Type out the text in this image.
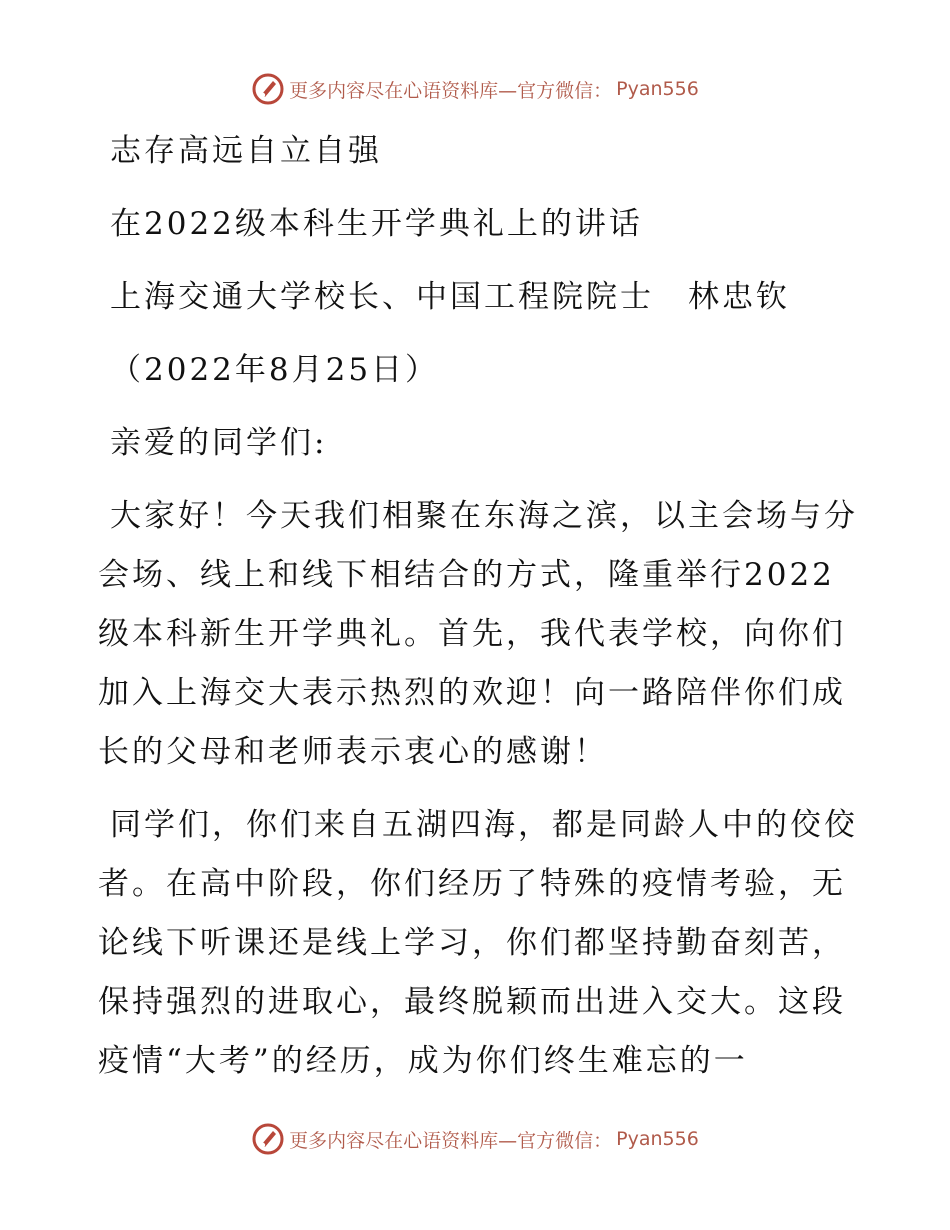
更多内容尽在心语资料库—官方微信： Pyan556
志存高远自立自强
在2022级本科生开学典礼上的讲话
上海交通大学校长、中国工程院院士　林忠钦
（2022年8月25日）
亲爱的同学们:
大家好！今天我们相聚在东海之滨，以主会场与分会场、线上和线下相结合的方式，隆重举行2022级本科新生开学典礼。首先，我代表学校，向你们加入上海交大表示热烈的欢迎！向一路陪伴你们成长的父母和老师表示衷心的感谢！
同学们，你们来自五湖四海，都是同龄人中的佼佼者。在高中阶段，你们经历了特殊的疫情考验，无论线下听课还是线上学习，你们都坚持勤奋刻苦，保持强烈的进取心，最终脱颖而出进入交大。这段疫情“大考”的经历，成为你们终生难忘的一
更多内容尽在心语资料库—官方微信： Pyan556
